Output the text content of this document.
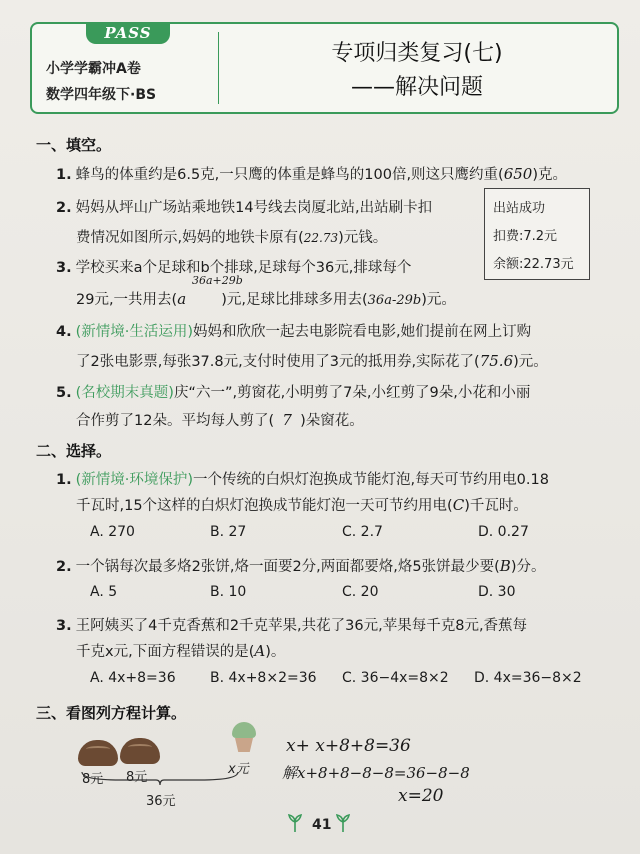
PASS
小学学霸冲A卷
数学四年级下·BS
专项归类复习(七)
——解决问题
一、填空。
1. 蜂鸟的体重约是6.5克,一只鹰的体重是蜂鸟的100倍,则这只鹰约重(650)克。
2. 妈妈从坪山广场站乘地铁14号线去岗厦北站,出站刷卡扣
费情况如图所示,妈妈的地铁卡原有(22.73)元钱。
出站成功
扣费:7.2元
余额:22.73元
3. 学校买来a个足球和b个排球,足球每个36元,排球每个
36a+29b
29元,一共用去(a )元,足球比排球多用去(36a-29b)元。
4. (新情境·生活运用)妈妈和欣欣一起去电影院看电影,她们提前在网上订购
了2张电影票,每张37.8元,支付时使用了3元的抵用券,实际花了(75.6)元。
5. (名校期末真题)庆“六一”,剪窗花,小明剪了7朵,小红剪了9朵,小花和小丽
合作剪了12朵。平均每人剪了( 7 )朵窗花。
二、选择。
1. (新情境·环境保护)一个传统的白炽灯泡换成节能灯泡,每天可节约用电0.18
千瓦时,15个这样的白炽灯泡换成节能灯泡一天可节约用电(C)千瓦时。
A. 270	B. 27	C. 2.7	D. 0.27
2. 一个锅每次最多烙2张饼,烙一面要2分,两面都要烙,烙5张饼最少要(B)分。
A. 5	B. 10	C. 20	D. 30
3. 王阿姨买了4千克香蕉和2千克苹果,共花了36元,苹果每千克8元,香蕉每
千克x元,下面方程错误的是(A)。
A. 4x+8=36 B. 4x+8×2=36 C. 36−4x=8×2 D. 4x=36−8×2
三、看图列方程计算。
8元 8元
x元
36元
x+ x+8+8=36
解x+8+8−8−8=36−8−8
x=20
41
